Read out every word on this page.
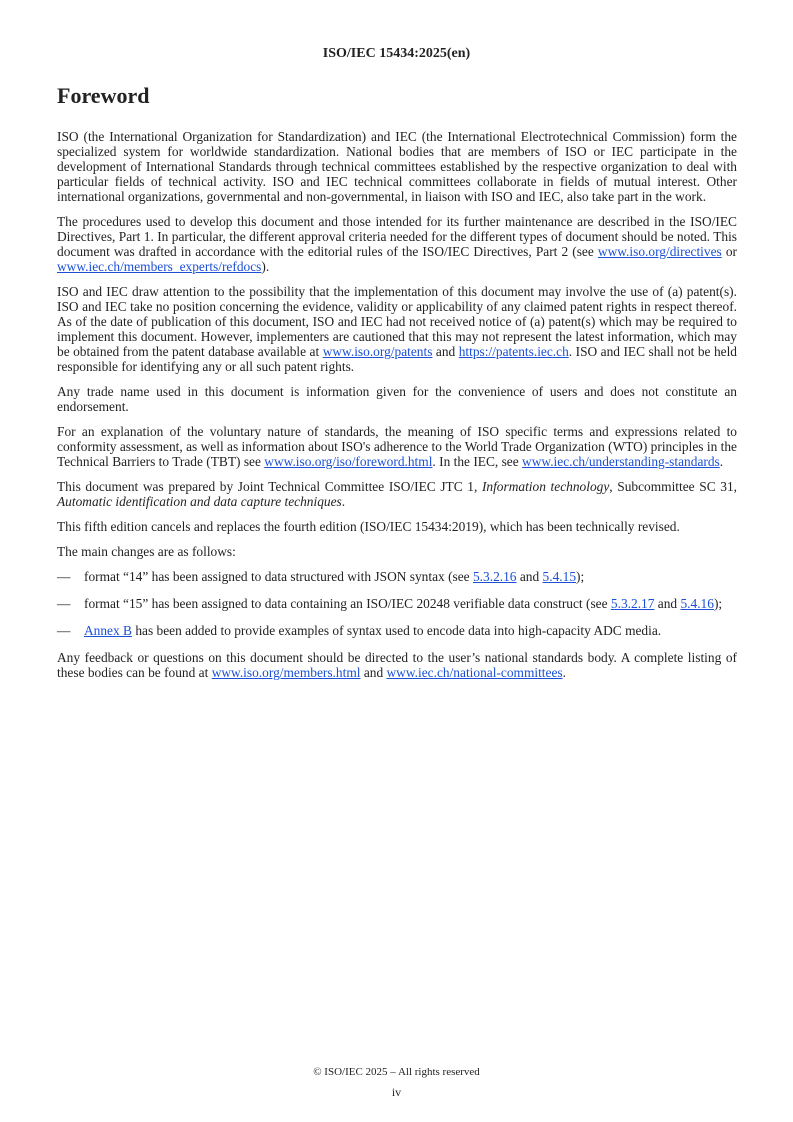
ISO/IEC 15434:2025(en)
Foreword

ISO (the International Organization for Standardization) and IEC (the International Electrotechnical Commission) form the specialized system for worldwide standardization. National bodies that are members of ISO or IEC participate in the development of International Standards through technical committees established by the respective organization to deal with particular fields of technical activity. ISO and IEC technical committees collaborate in fields of mutual interest. Other international organizations, governmental and non-governmental, in liaison with ISO and IEC, also take part in the work.

The procedures used to develop this document and those intended for its further maintenance are described in the ISO/IEC Directives, Part 1. In particular, the different approval criteria needed for the different types of document should be noted. This document was drafted in accordance with the editorial rules of the ISO/IEC Directives, Part 2 (see www.iso.org/directives or www.iec.ch/members_experts/refdocs).

ISO and IEC draw attention to the possibility that the implementation of this document may involve the use of (a) patent(s). ISO and IEC take no position concerning the evidence, validity or applicability of any claimed patent rights in respect thereof. As of the date of publication of this document, ISO and IEC had not received notice of (a) patent(s) which may be required to implement this document. However, implementers are cautioned that this may not represent the latest information, which may be obtained from the patent database available at www.iso.org/patents and https://patents.iec.ch. ISO and IEC shall not be held responsible for identifying any or all such patent rights.

Any trade name used in this document is information given for the convenience of users and does not constitute an endorsement.

For an explanation of the voluntary nature of standards, the meaning of ISO specific terms and expressions related to conformity assessment, as well as information about ISO's adherence to the World Trade Organization (WTO) principles in the Technical Barriers to Trade (TBT) see www.iso.org/iso/foreword.html. In the IEC, see www.iec.ch/understanding-standards.

This document was prepared by Joint Technical Committee ISO/IEC JTC 1, Information technology, Subcommittee SC 31, Automatic identification and data capture techniques.

This fifth edition cancels and replaces the fourth edition (ISO/IEC 15434:2019), which has been technically revised.

The main changes are as follows:

—	format “14” has been assigned to data structured with JSON syntax (see 5.3.2.16 and 5.4.15);

—	format “15” has been assigned to data containing an ISO/IEC 20248 verifiable data construct (see 5.3.2.17 and 5.4.16);

—	Annex B has been added to provide examples of syntax used to encode data into high-capacity ADC media.

Any feedback or questions on this document should be directed to the user’s national standards body. A complete listing of these bodies can be found at www.iso.org/members.html and www.iec.ch/national-committees.

© ISO/IEC 2025 – All rights reserved
iv
